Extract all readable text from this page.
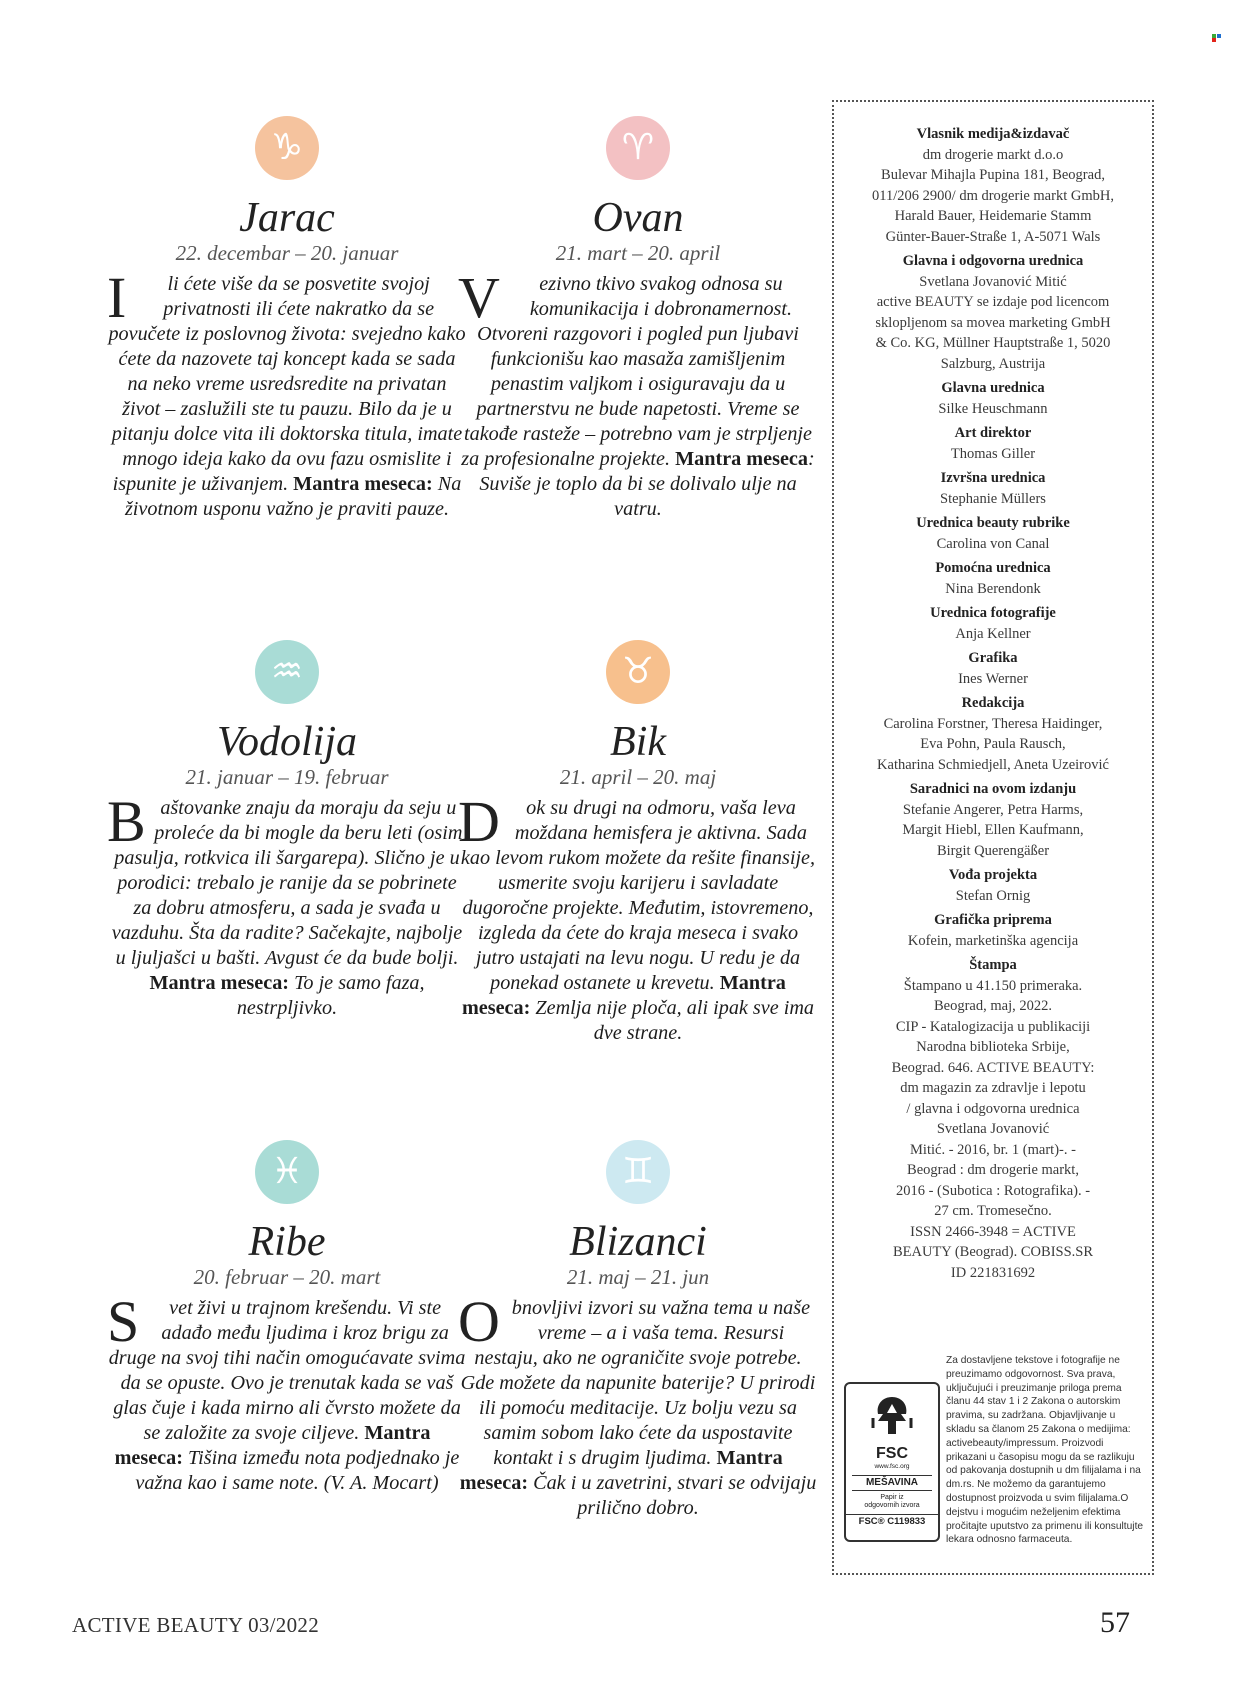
♑
Jarac
22. decembar – 20. januar
I li ćete više da se posvetite svojoj privatnosti ili ćete nakratko da se povučete iz poslovnog života: svejedno kako ćete da nazovete taj koncept kada se sada na neko vreme usredsredite na privatan život – zaslužili ste tu pauzu. Bilo da je u pitanju dolce vita ili doktorska titula, imate mnogo ideja kako da ovu fazu osmislite i ispunite je uživanjem. Mantra meseca: Na životnom usponu važno je praviti pauze.
♈
Ovan
21. mart – 20. april
V ezivno tkivo svakog odnosa su komunikacija i dobronamernost. Otvoreni razgovori i pogled pun ljubavi funkcionišu kao masaža zamišljenim penastim valjkom i osiguravaju da u partnerstvu ne bude napetosti. Vreme se takođe rasteže – potrebno vam je strpljenje za profesionalne projekte. Mantra meseca: Suviše je toplo da bi se dolivalo ulje na vatru.
♒
Vodolija
21. januar – 19. februar
Baštovanke znaju da moraju da seju u proleće da bi mogle da beru leti (osim pasulja, rotkvica ili šargarepa). Slično je u porodici: trebalo je ranije da se pobrinete za dobru atmosferu, a sada je svađa u vazduhu. Šta da radite? Sačekajte, najbolje u ljuljašci u bašti. Avgust će da bude bolji. Mantra meseca: To je samo faza, nestrpljivko.
♉
Bik
21. april – 20. maj
D ok su drugi na odmoru, vaša leva moždana hemisfera je aktivna. Sada kao levom rukom možete da rešite finansije, usmerite svoju karijeru i savladate dugoročne projekte. Međutim, istovremeno, izgleda da ćete do kraja meseca i svako jutro ustajati na levu nogu. U redu je da ponekad ostanete u krevetu. Mantra meseca: Zemlja nije ploča, ali ipak sve ima dve strane.
♓
Ribe
20. februar – 20. mart
S vet živi u trajnom krešendu. Vi ste adađo među ljudima i kroz brigu za druge na svoj tihi način omogućavate svima da se opuste. Ovo je trenutak kada se vaš glas čuje i kada mirno ali čvrsto možete da se založite za svoje ciljeve. Mantra meseca: Tišina između nota podjednako je važna kao i same note. (V. A. Mocart)
♊
Blizanci
21. maj – 21. jun
Obnovljivi izvori su važna tema u naše vreme – a i vaša tema. Resursi nestaju, ako ne ograničite svoje potrebe. Gde možete da napunite baterije? U prirodi ili pomoću meditacije. Uz bolju vezu sa samim sobom lako ćete da uspostavite kontakt i s drugim ljudima. Mantra meseca: Čak i u zavetrini, stvari se odvijaju prilično dobro.
Vlasnik medija&izdavač
dm drogerie markt d.o.o
Bulevar Mihajla Pupina 181, Beograd,
011/206 2900/ dm drogerie markt GmbH,
Harald Bauer, Heidemarie Stamm
Günter-Bauer-Straße 1, A-5071 Wals
Glavna i odgovorna urednica
Svetlana Jovanović Mitić
active BEAUTY se izdaje pod licencom
sklopljenom sa movea marketing GmbH
& Co. KG, Müllner Hauptstraße 1, 5020
Salzburg, Austrija
Glavna urednica
Silke Heuschmann
Art direktor
Thomas Giller
Izvršna urednica
Stephanie Müllers
Urednica beauty rubrike
Carolina von Canal
Pomoćna urednica
Nina Berendonk
Urednica fotografije
Anja Kellner
Grafika
Ines Werner
Redakcija
Carolina Forstner, Theresa Haidinger,
Eva Pohn, Paula Rausch,
Katharina Schmiedjell, Aneta Uzeirović
Saradnici na ovom izdanju
Stefanie Angerer, Petra Harms,
Margit Hiebl, Ellen Kaufmann,
Birgit Querengäßer
Vođa projekta
Stefan Ornig
Grafička priprema
Kofein, marketinška agencija
Štampa
Štampano u 41.150 primeraka.
Beograd, maj, 2022.
CIP - Katalogizacija u publikaciji
Narodna biblioteka Srbije,
Beograd. 646. ACTIVE BEAUTY:
dm magazin za zdravlje i lepotu
/ glavna i odgovorna urednica
Svetlana Jovanović
Mitić. - 2016, br. 1 (mart)-. -
Beograd : dm drogerie markt,
2016 - (Subotica : Rotografika). -
27 cm. Tromesečno.
ISSN 2466-3948 = ACTIVE
BEAUTY (Beograd). COBISS.SR
ID 221831692
FSC
www.fsc.org
MEŠAVINA
Papir iz
odgovornih izvora
FSC® C119833
Za dostavljene tekstove i fotografije ne preuzimamo odgovornost. Sva prava, uključujući i preuzimanje priloga prema članu 44 stav 1 i 2 Zakona o autorskim pravima, su zadržana. Objavljivanje u skladu sa članom 25 Zakona o medijima: activebeauty/impressum. Proizvodi prikazani u časopisu mogu da se razlikuju od pakovanja dostupnih u dm filijalama i na dm.rs. Ne možemo da garantujemo dostupnost proizvoda u svim filijalama.O dejstvu i mogućim neželjenim efektima pročitajte uputstvo za primenu ili konsultujte lekara odnosno farmaceuta.
ACTIVE BEAUTY 03/2022	57
